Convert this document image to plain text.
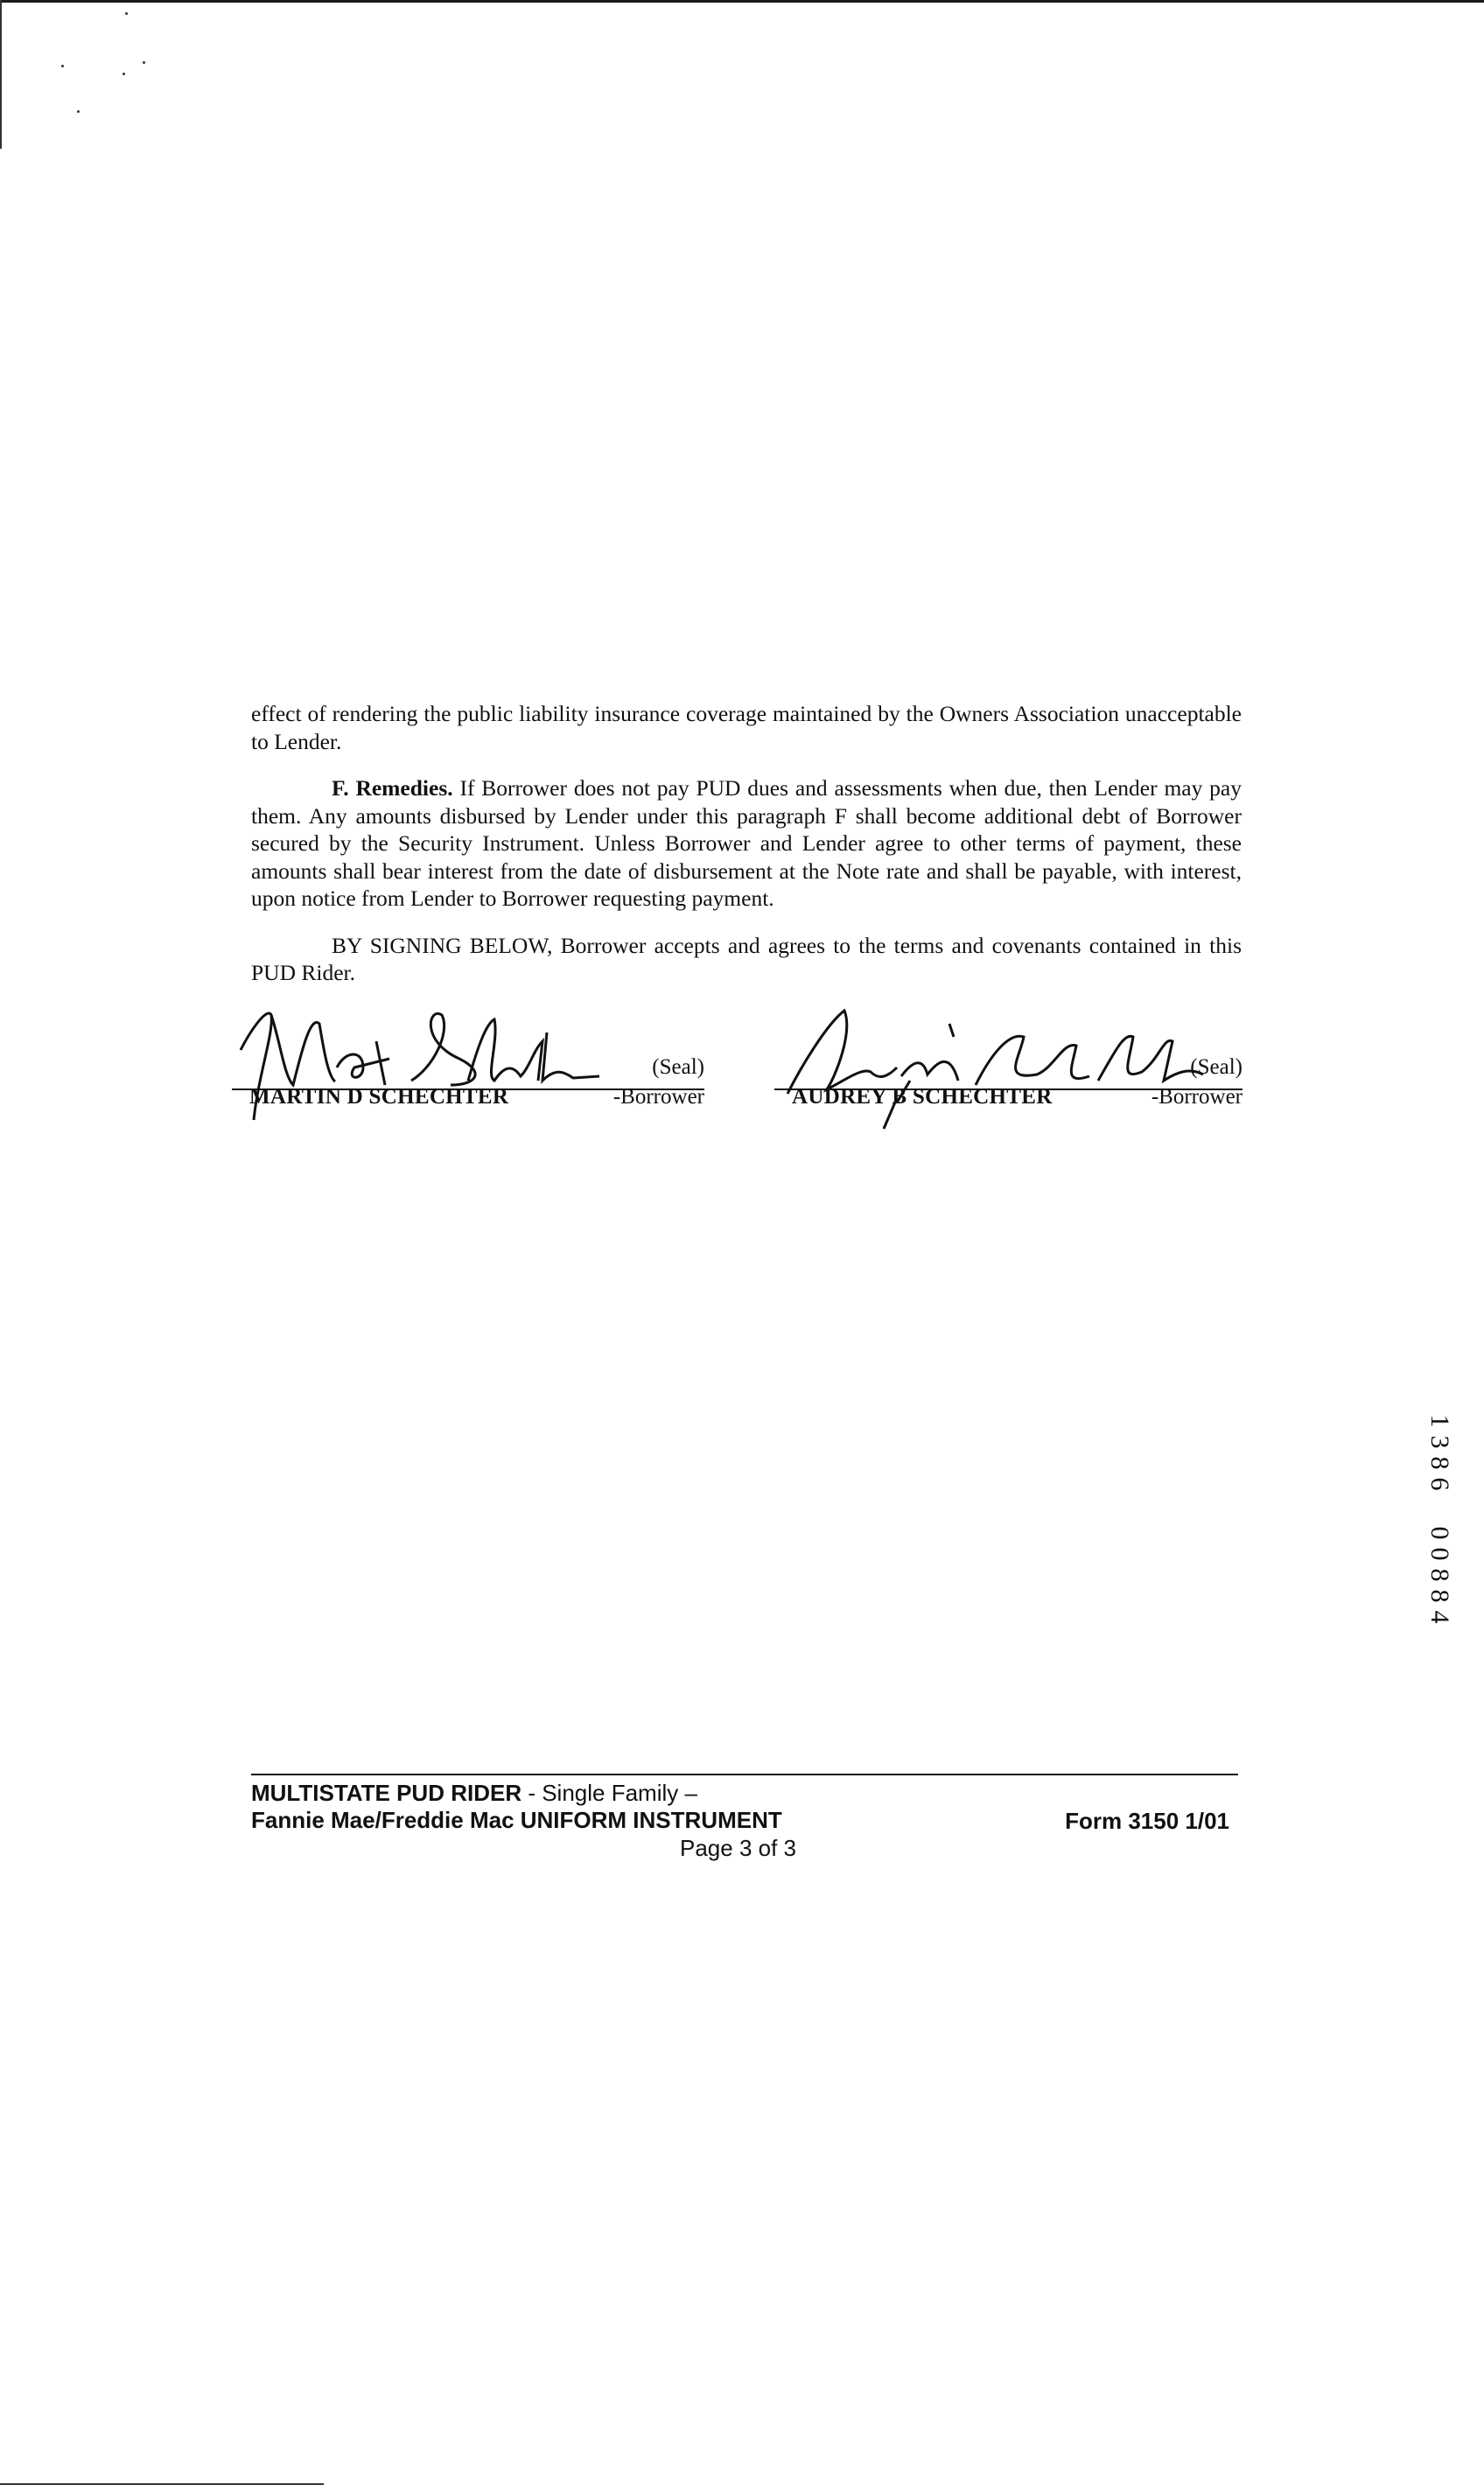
effect of rendering the public liability insurance coverage maintained by the Owners Association unacceptable to Lender.

F. Remedies. If Borrower does not pay PUD dues and assessments when due, then Lender may pay them. Any amounts disbursed by Lender under this paragraph F shall become additional debt of Borrower secured by the Security Instrument. Unless Borrower and Lender agree to other terms of payment, these amounts shall bear interest from the date of disbursement at the Note rate and shall be payable, with interest, upon notice from Lender to Borrower requesting payment.

BY SIGNING BELOW, Borrower accepts and agrees to the terms and covenants contained in this PUD Rider.

(Seal)
MARTIN D SCHECHTER	-Borrower
(Seal)
AUDREY B SCHECHTER	-Borrower
1
3
8
6
0
0
8
8
4
MULTISTATE PUD RIDER - Single Family –
Fannie Mae/Freddie Mac UNIFORM INSTRUMENT	Form 3150 1/01
Page 3 of 3
